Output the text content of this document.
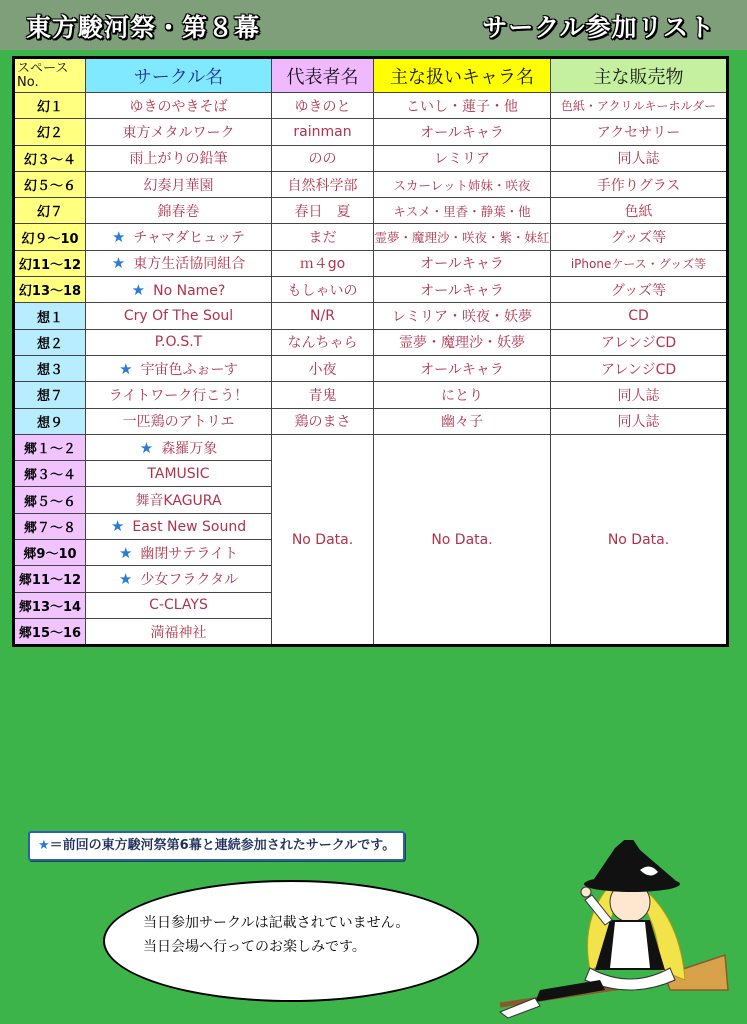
東方駿河祭・第８幕	サークル参加リスト
スペース
No.	サークル名	代表者名	主な扱いキャラ名	主な販売物
幻１	ゆきのやきそば	ゆきのと	こいし・蓮子・他	色紙・アクリルキーホルダー
幻２	東方メタルワーク	rainman	オールキャラ	アクセサリー
幻３～４	雨上がりの鉛筆	のの	レミリア	同人誌
幻５～６	幻奏月華園	自然科学部	スカーレット姉妹・咲夜	手作りグラス
幻７	錦春巻	春日　夏	キスメ・里香・静葉・他	色紙
幻９～10	★ チャマダヒュッテ	まだ	霊夢・魔理沙・咲夜・紫・妹紅	グッズ等
幻11～12	★ 東方生活協同組合	ｍ４go	オールキャラ	iPhoneケース・グッズ等
幻13～18	★ No Name?	もしゃいの	オールキャラ	グッズ等
想１	Cry Of The Soul	N/R	レミリア・咲夜・妖夢	CD
想２	P.O.S.T	なんちゃら	霊夢・魔理沙・妖夢	アレンジCD
想３	★ 宇宙色ふぉーす	小夜	オールキャラ	アレンジCD
想７	ライトワーク行こう！	青鬼	にとり	同人誌
想９	一匹鶏のアトリエ	鶏のまさ	幽々子	同人誌
郷１～２	★ 森羅万象	No Data.	No Data.	No Data.
郷３～４	TAMUSIC			
郷５～６	舞音KAGURA			
郷７～８	★ East New Sound			
郷9～10	★ 幽閉サテライト			
郷11～12	★ 少女フラクタル			
郷13～14	C-CLAYS			
郷15～16	満福神社			
★＝前回の東方駿河祭第6幕と連続参加されたサークルです。
当日参加サークルは記載されていません。
当日会場へ行ってのお楽しみです。
